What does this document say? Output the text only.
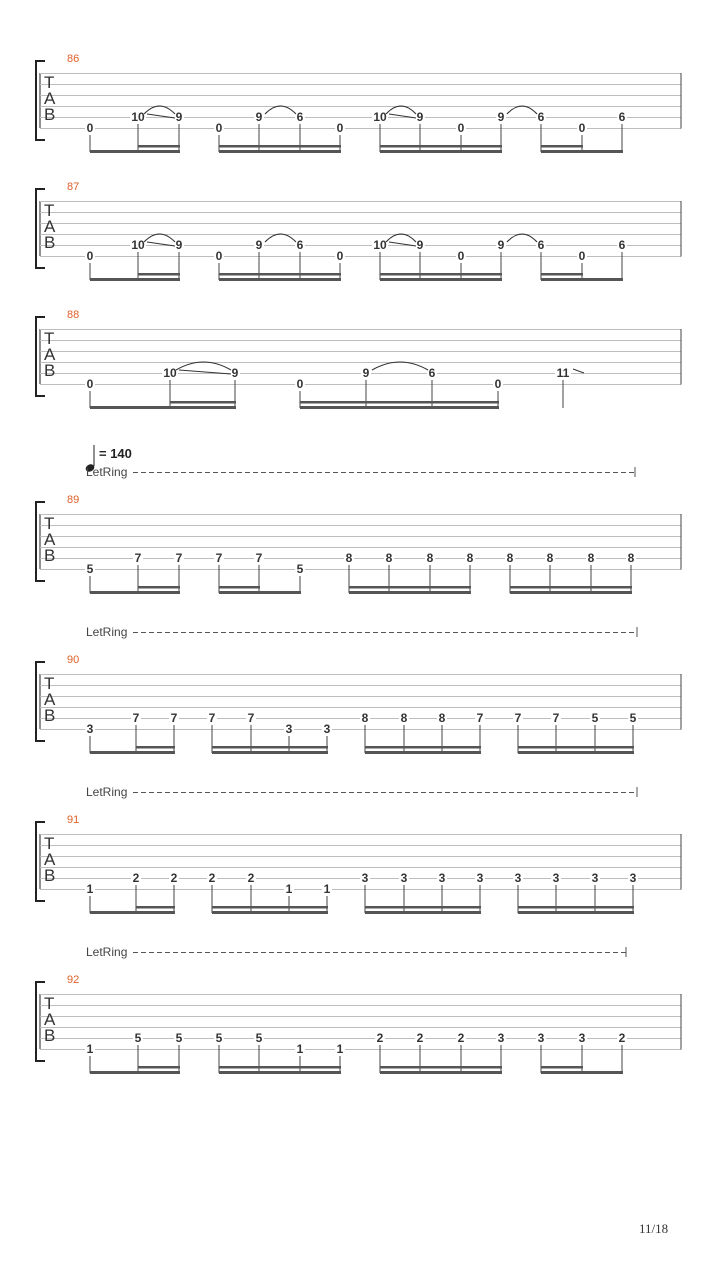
86
T
A
B
0
10	9
0
9	6
0
10 9
0
9	6
0
6
87
T
A
B
0
10	9
0
9	6
0
10 9
0
9	6
0
6
88
T
A
B
0
10	9
0
9	6
0
11
= 140
LetRing
89
T
A
B
5
7	7	7	7
5
8	8	8	8	8	8	8	8
LetRing
90
T
A
B
3
7	7	7	7
3	3
8	8	8	7	7	7	5	5
LetRing
91
T
A
B
1
2	2	2	2
1	1
3	3	3	3	3	3	3	3
LetRing
92
T
A
B
1
5	5	5	5
1	1
2	2	2	3	3	3	2
11/18
